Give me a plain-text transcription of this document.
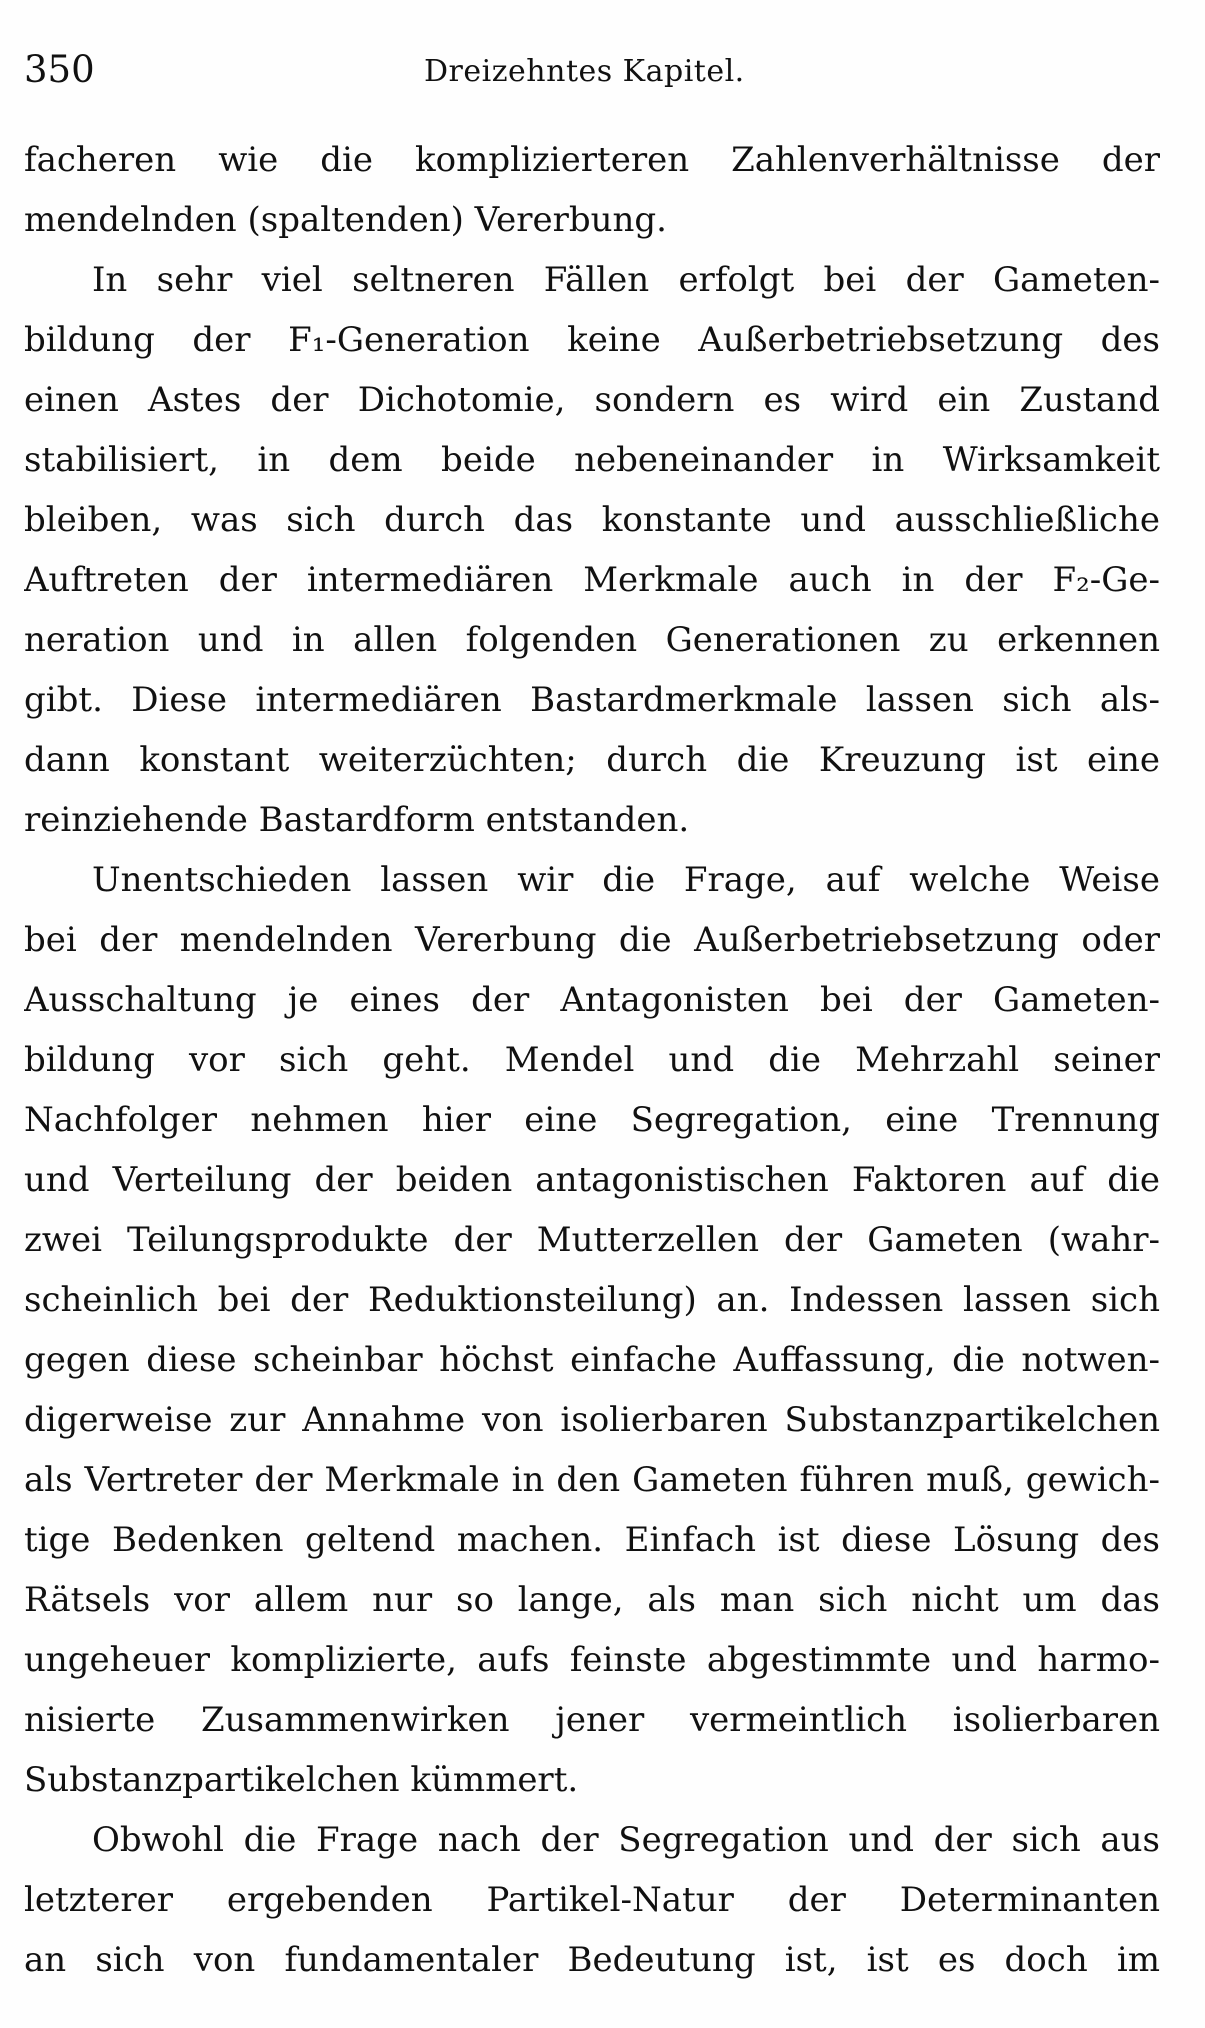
350	Dreizehntes Kapitel.
facheren wie die komplizierteren Zahlenverhältnisse der
mendelnden (spaltenden) Vererbung.
In sehr viel seltneren Fällen erfolgt bei der Gameten-
bildung der F₁-Generation keine Außerbetriebsetzung des
einen Astes der Dichotomie, sondern es wird ein Zustand
stabilisiert, in dem beide nebeneinander in Wirksamkeit
bleiben, was sich durch das konstante und ausschließliche
Auftreten der intermediären Merkmale auch in der F₂-Ge-
neration und in allen folgenden Generationen zu erkennen
gibt. Diese intermediären Bastardmerkmale lassen sich als-
dann konstant weiterzüchten; durch die Kreuzung ist eine
reinziehende Bastardform entstanden.
Unentschieden lassen wir die Frage, auf welche Weise
bei der mendelnden Vererbung die Außerbetriebsetzung oder
Ausschaltung je eines der Antagonisten bei der Gameten-
bildung vor sich geht. Mendel und die Mehrzahl seiner
Nachfolger nehmen hier eine Segregation, eine Trennung
und Verteilung der beiden antagonistischen Faktoren auf die
zwei Teilungsprodukte der Mutterzellen der Gameten (wahr-
scheinlich bei der Reduktionsteilung) an. Indessen lassen sich
gegen diese scheinbar höchst einfache Auffassung, die notwen-
digerweise zur Annahme von isolierbaren Substanzpartikelchen
als Vertreter der Merkmale in den Gameten führen muß, gewich-
tige Bedenken geltend machen. Einfach ist diese Lösung des
Rätsels vor allem nur so lange, als man sich nicht um das
ungeheuer komplizierte, aufs feinste abgestimmte und harmo-
nisierte Zusammenwirken jener vermeintlich isolierbaren
Substanzpartikelchen kümmert.
Obwohl die Frage nach der Segregation und der sich aus
letzterer ergebenden Partikel-Natur der Determinanten
an sich von fundamentaler Bedeutung ist, ist es doch im
